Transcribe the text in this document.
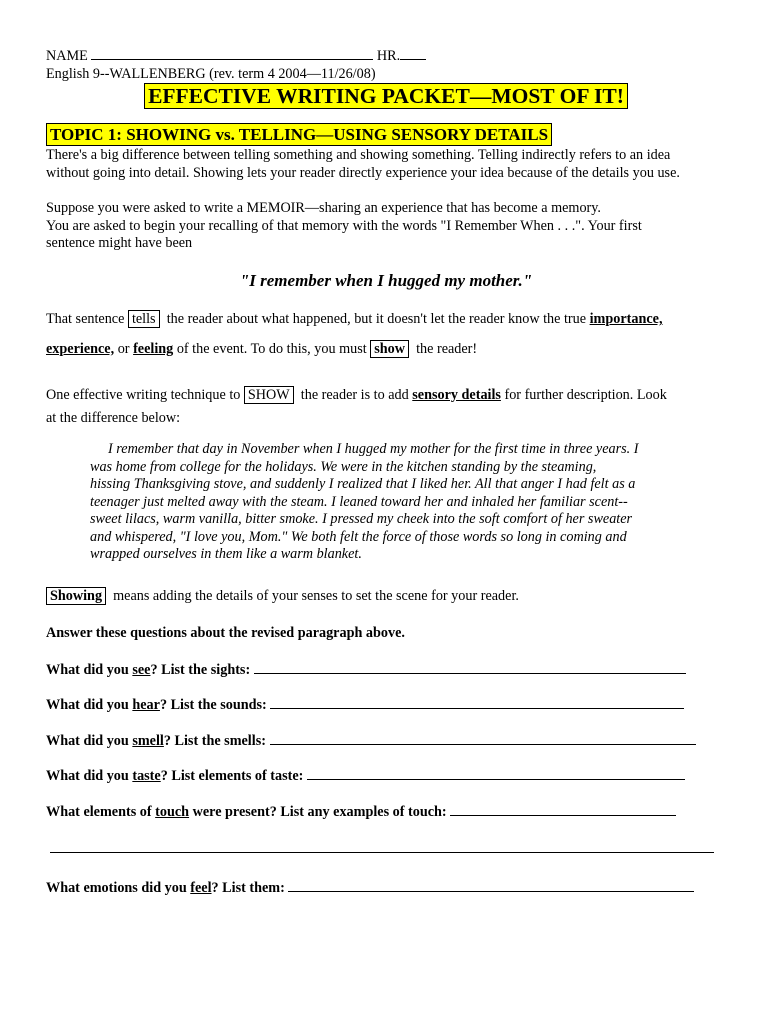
NAME	HR.
English 9--WALLENBERG (rev. term 4 2004—11/26/08)
EFFECTIVE WRITING PACKET—MOST OF IT!
TOPIC 1: SHOWING vs. TELLING—USING SENSORY DETAILS
There's a big difference between telling something and showing something. Telling indirectly refers to an idea
without going into detail. Showing lets your reader directly experience your idea because of the details you use.
Suppose you were asked to write a MEMOIR—sharing an experience that has become a memory.
You are asked to begin your recalling of that memory with the words "I Remember When . . .". Your first
sentence might have been
"I remember when I hugged my mother."
That sentence tells the reader about what happened, but it doesn't let the reader know the true importance,
experience, or feeling of the event. To do this, you must show the reader!
One effective writing technique to SHOW the reader is to add sensory details for further description. Look
at the difference below:
I remember that day in November when I hugged my mother for the first time in three years. I
was home from college for the holidays. We were in the kitchen standing by the steaming,
hissing Thanksgiving stove, and suddenly I realized that I liked her. All that anger I had felt as a
teenager just melted away with the steam. I leaned toward her and inhaled her familiar scent--
sweet lilacs, warm vanilla, bitter smoke. I pressed my cheek into the soft comfort of her sweater
and whispered, "I love you, Mom." We both felt the force of those words so long in coming and
wrapped ourselves in them like a warm blanket.
Showing means adding the details of your senses to set the scene for your reader.
Answer these questions about the revised paragraph above.
What did you see? List the sights:
What did you hear? List the sounds:
What did you smell? List the smells:
What did you taste? List elements of taste:
What elements of touch were present? List any examples of touch:
What emotions did you feel? List them:
